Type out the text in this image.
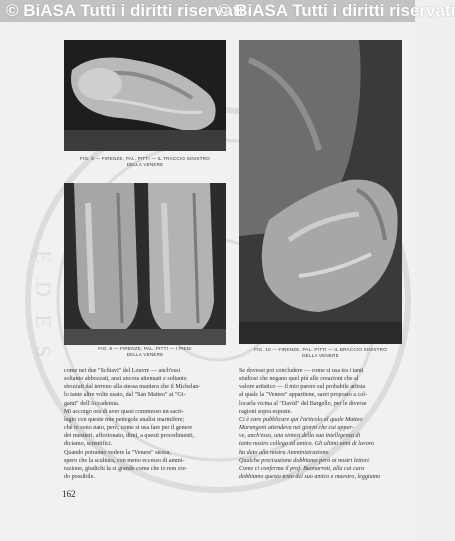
© BiASA Tutti i diritti riservati
© BiASA Tutti i diritti riservati
FIG. 8 — FIRENZE, PAL. PITTI — IL TRACCIO SINISTRO
DELLA VENERE
FIG. 9 — FIRENZE, PAL. PITTI — I PIEDI
DELLA VENERE
FIG. 10 — FIRENZE, PAL. PITTI — IL BRACCIO SINISTRO
DELLA VENERE

come nei due "Schiavi" del Louvre — anch'essi

soltanto abbozzati, anzi ancora attenuati e soltanto

sbozzati dal terreno alla stessa maniera che il Michelan-

lo tante altre volte usato, dal "San Matteo" ai "Gi-

ganti" dell'Accademia.

Mi accorgo ora di aver quasi commesso un sacri-

legio con queste mie pettegole analisi marmifere;

chè io sono nato, però, come si usa fare per il genere

dei mestieri, affezionato, direi, a questi procedimenti,

diciamo, scientifici.

Quando potranno vedere la "Venere" stessa,

spero che la scultura, con meno eccesso di ammi-

razione, giudichi la si grande come che io non cre-

do possibile.

Se dovessi poi concludere — come si usa tra i tanti

studiosi che negano quel più alle creazioni che al

valore artistico — il mio parere sul probabile artista

al quale la "Venere" appartiene, sarei proposto a col-

locarla vicina al "David" del Bargello, per le diverse

ragioni sopra esposte.

Ci è caro pubblicare qui l'articolo al quale Matteo

Marangoni attendeva nei giorni che cui appar-

ve, anch'esso, una sintesi della sua intelligenza di

tanto nostro collega ed amico. Gli ultimi anni di lavoro

ha dato allo nostra Amministrazione.

Qualche precisazione dobbiamo però ai nostri lettori.

Come ci conferma il prof. Buonarroti, alla cui cura

dobbiamo questo testo del suo amico e maestro, leggiamo

162
E D E S
